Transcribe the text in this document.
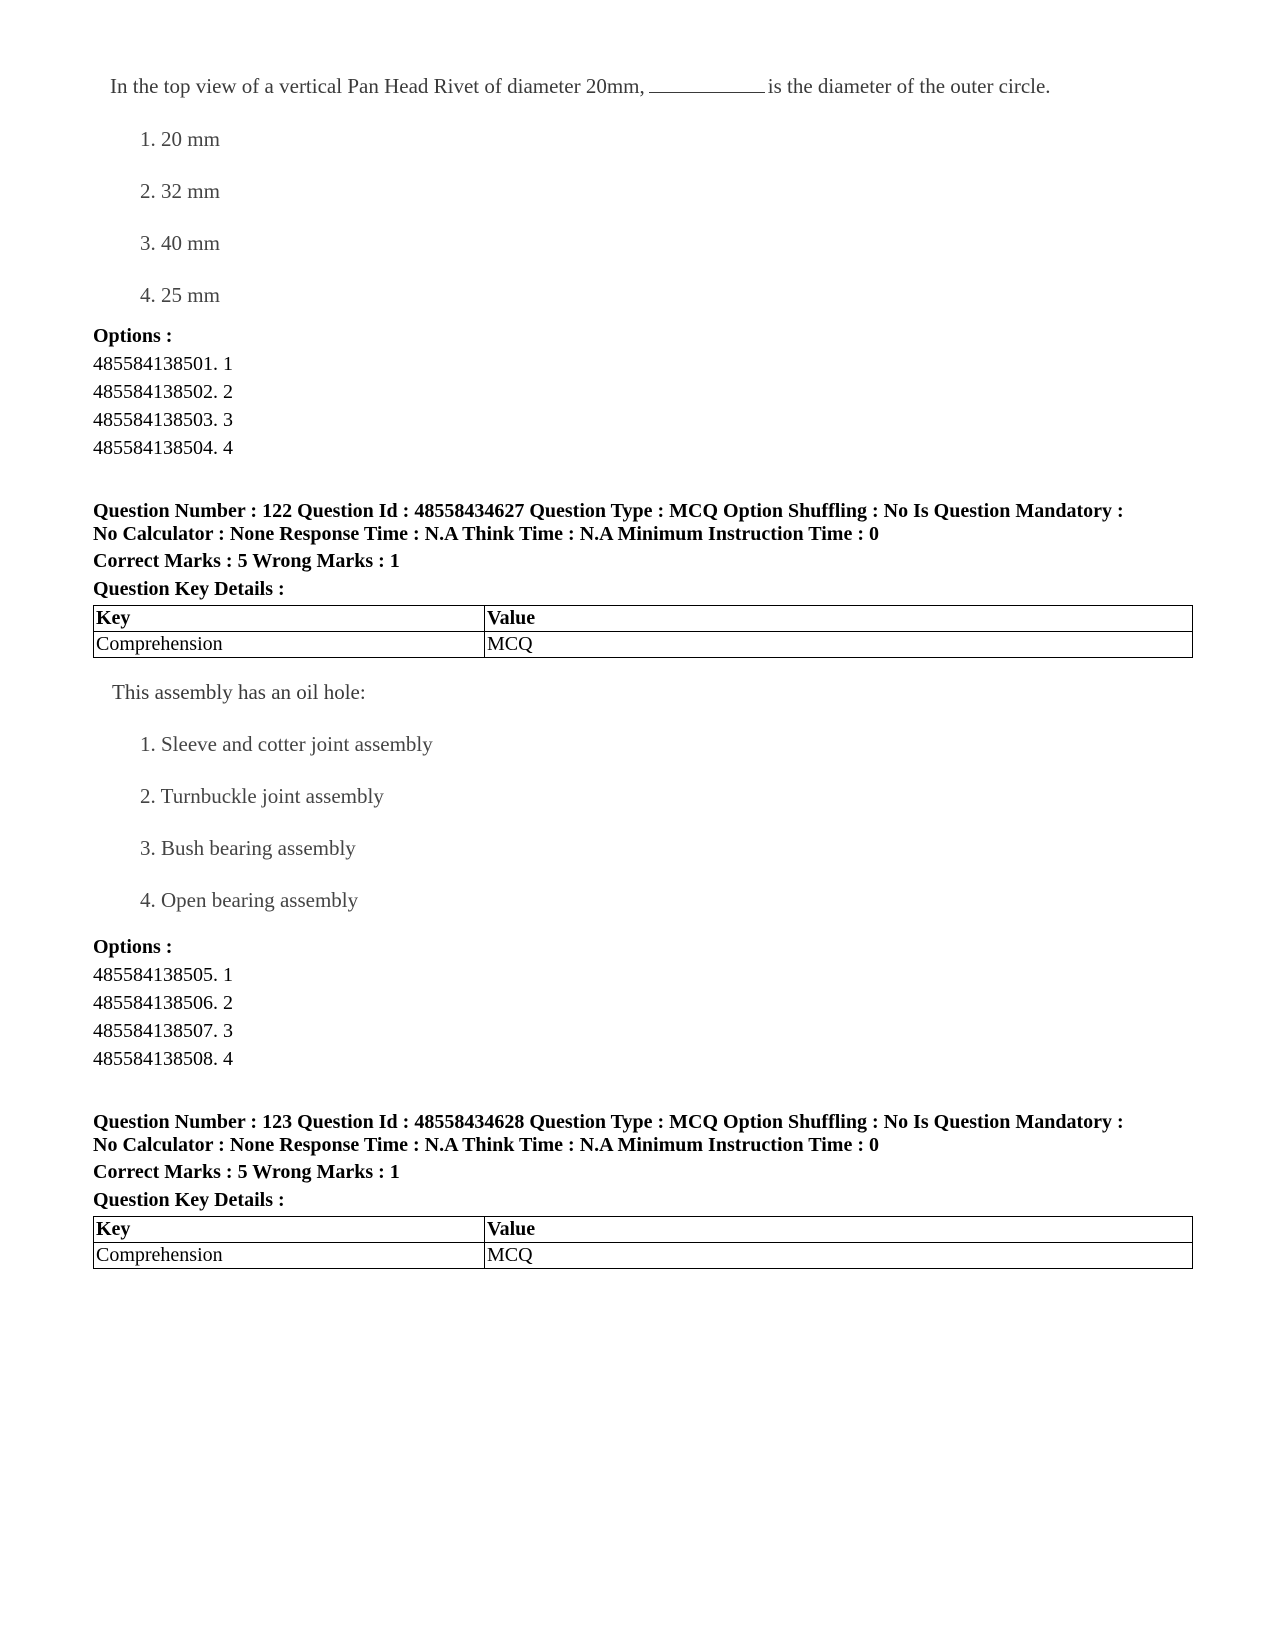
In the top view of a vertical Pan Head Rivet of diameter 20mm,	is the diameter of the outer circle.
1. 20 mm
2. 32 mm
3. 40 mm
4. 25 mm
Options :
485584138501. 1
485584138502. 2
485584138503. 3
485584138504. 4
Question Number : 122 Question Id : 48558434627 Question Type : MCQ Option Shuffling : No Is Question Mandatory :
No Calculator : None Response Time : N.A Think Time : N.A Minimum Instruction Time : 0
Correct Marks : 5 Wrong Marks : 1
Question Key Details :
Key	Value
Comprehension	MCQ
This assembly has an oil hole:
1. Sleeve and cotter joint assembly
2. Turnbuckle joint assembly
3. Bush bearing assembly
4. Open bearing assembly
Options :
485584138505. 1
485584138506. 2
485584138507. 3
485584138508. 4
Question Number : 123 Question Id : 48558434628 Question Type : MCQ Option Shuffling : No Is Question Mandatory :
No Calculator : None Response Time : N.A Think Time : N.A Minimum Instruction Time : 0
Correct Marks : 5 Wrong Marks : 1
Question Key Details :
Key	Value
Comprehension	MCQ
